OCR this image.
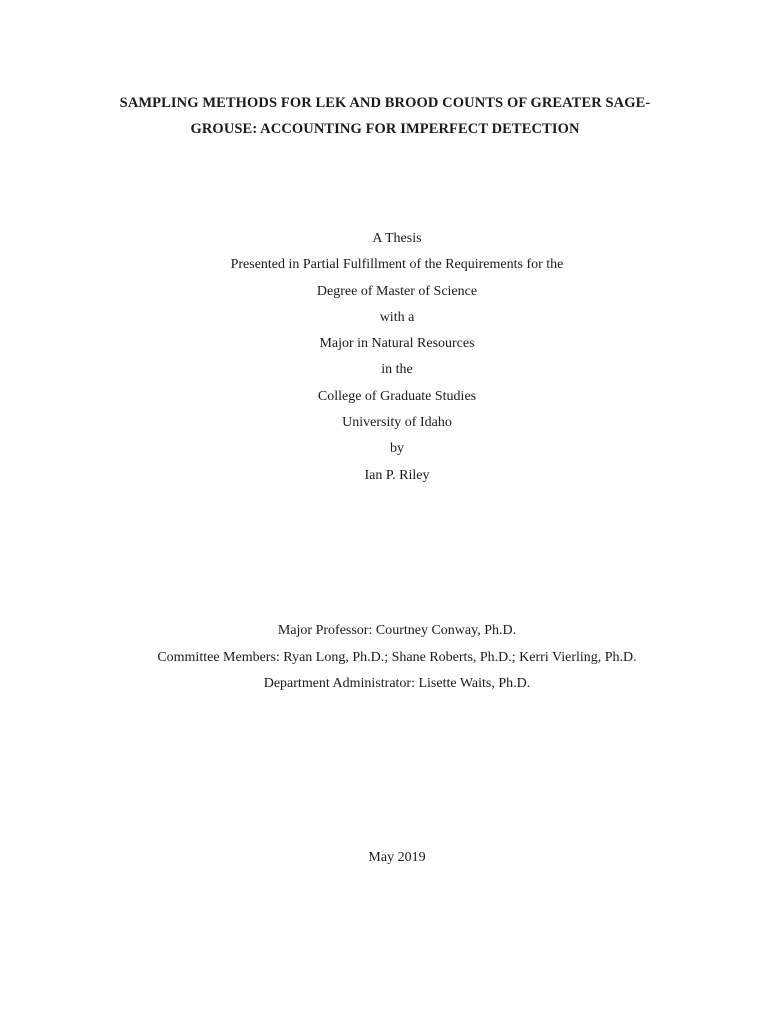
SAMPLING METHODS FOR LEK AND BROOD COUNTS OF GREATER SAGE-

GROUSE: ACCOUNTING FOR IMPERFECT DETECTION

A Thesis

Presented in Partial Fulfillment of the Requirements for the

Degree of Master of Science

with a

Major in Natural Resources

in the

College of Graduate Studies

University of Idaho

by

Ian P. Riley

Major Professor: Courtney Conway, Ph.D.

Committee Members: Ryan Long, Ph.D.; Shane Roberts, Ph.D.; Kerri Vierling, Ph.D.

Department Administrator: Lisette Waits, Ph.D.

May 2019
